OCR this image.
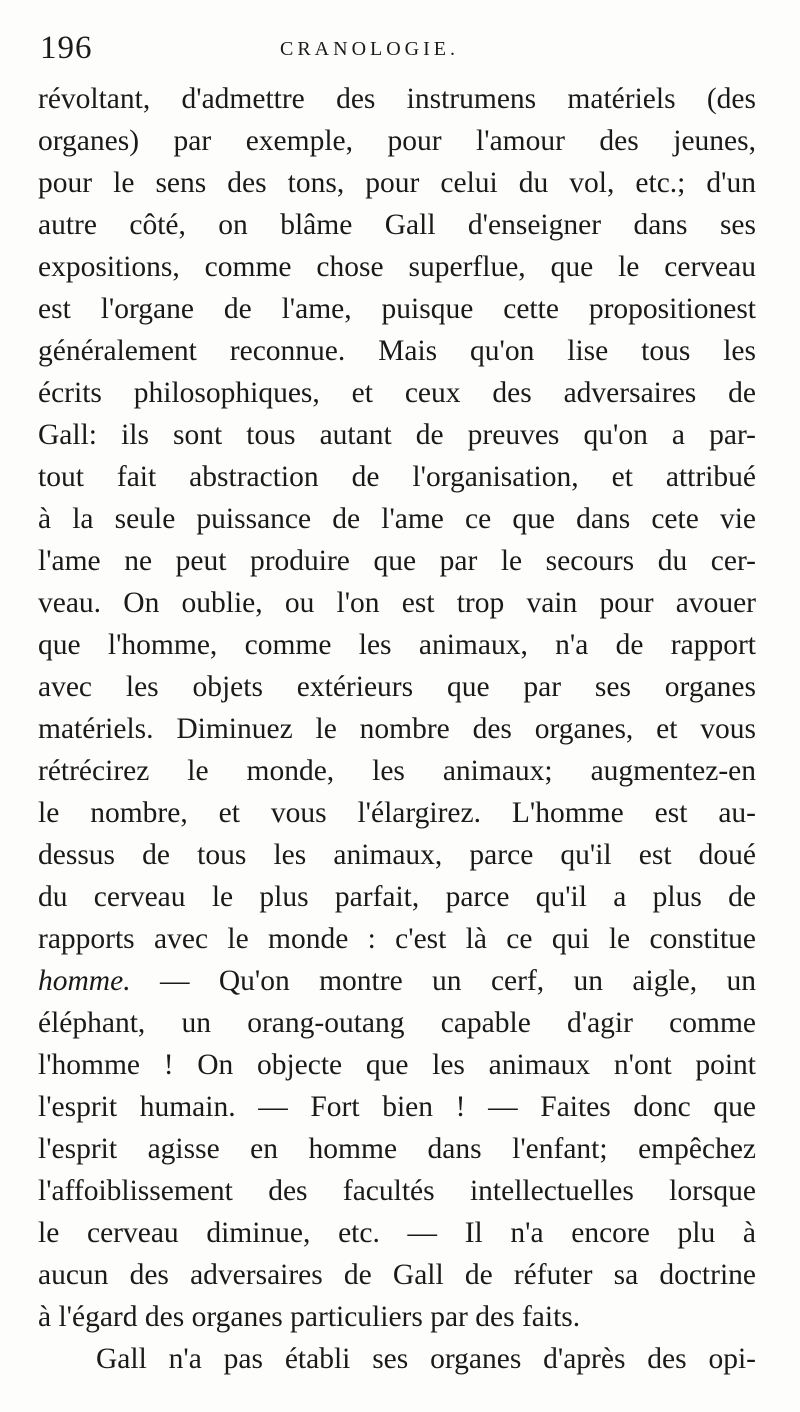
196	CRANOLOGIE.
révoltant, d'admettre des instrumens matériels (des
organes) par exemple, pour l'amour des jeunes,
pour le sens des tons, pour celui du vol, etc.; d'un
autre côté, on blâme Gall d'enseigner dans ses
expositions, comme chose superflue, que le cerveau
est l'organe de l'ame, puisque cette propositionest
généralement reconnue. Mais qu'on lise tous les
écrits philosophiques, et ceux des adversaires de
Gall: ils sont tous autant de preuves qu'on a par-
tout fait abstraction de l'organisation, et attribué
à la seule puissance de l'ame ce que dans cete vie
l'ame ne peut produire que par le secours du cer-
veau. On oublie, ou l'on est trop vain pour avouer
que l'homme, comme les animaux, n'a de rapport
avec les objets extérieurs que par ses organes
matériels. Diminuez le nombre des organes, et vous
rétrécirez le monde, les animaux; augmentez-en
le nombre, et vous l'élargirez. L'homme est au-
dessus de tous les animaux, parce qu'il est doué
du cerveau le plus parfait, parce qu'il a plus de
rapports avec le monde : c'est là ce qui le constitue
homme. — Qu'on montre un cerf, un aigle, un
éléphant, un orang-outang capable d'agir comme
l'homme ! On objecte que les animaux n'ont point
l'esprit humain. — Fort bien ! — Faites donc que
l'esprit agisse en homme dans l'enfant; empêchez
l'affoiblissement des facultés intellectuelles lorsque
le cerveau diminue, etc. — Il n'a encore plu à
aucun des adversaires de Gall de réfuter sa doctrine
à l'égard des organes particuliers par des faits.
Gall n'a pas établi ses organes d'après des opi-
